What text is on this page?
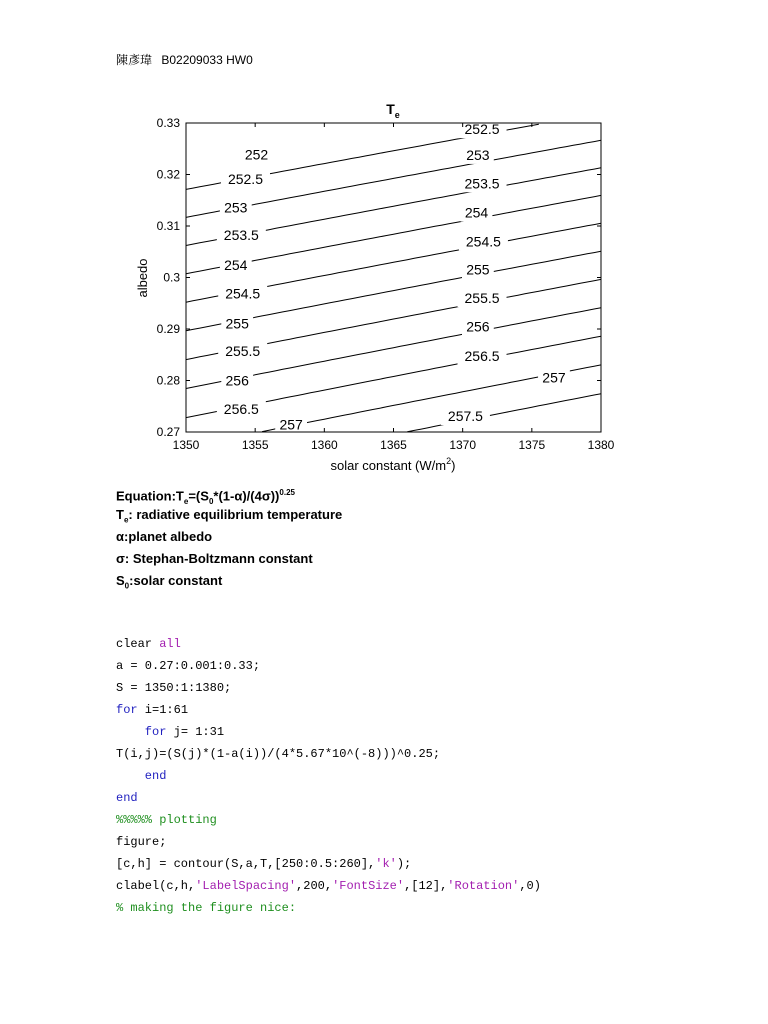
陳彥瑋 B02209033 HW0
252
252.5
253
253.5
254
254.5
255
255.5
256
256.5
257
252.5
253
253.5
254
254.5
255
255.5
256
256.5
257
257.5
1350	1355	1360	1365	1370	1375	1380
0.27
0.28
0.29
0.3
0.31
0.32
0.33
$T_e$
solar constant $(W/m^2)$
albedo
$Equation:T_e=(S_0*(1-\alpha)/(4\sigma))^{0.25}$
$T_e$: radiative equilibrium temperature
α:planet albedo
σ: Stephan-Boltzmann constant
$S_0:solar$ constant
clear all
a = 0.27:0.001:0.33;
S = 1350:1:1380;
for i=1:61
for j= 1:31
T(i,j)=(S(j)*(1-a(i))/(4*5.67*10^(-8)))^0.25;
end
end
%%%%% plotting
figure;
[c,h] = contour(S,a,T,[250:0.5:260],'k');
clabel(c,h,'LabelSpacing',200,'FontSize',[12],'Rotation',0)
% making the figure nice:
